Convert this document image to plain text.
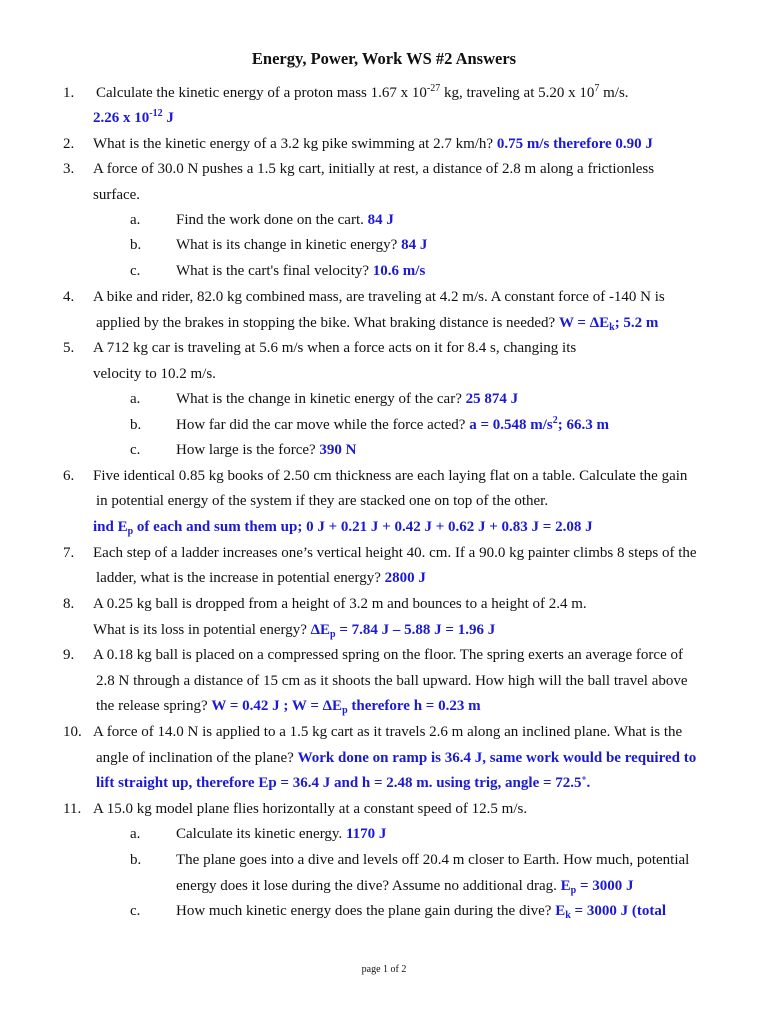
Energy, Power, Work WS #2 Answers
1. Calculate the kinetic energy of a proton mass 1.67 x $10^{-27}$ kg, traveling at 5.20 x $10^7$ m/s.
2.26 x $10^{-12}$ J
2. What is the kinetic energy of a 3.2 kg pike swimming at 2.7 km/h? 0.75 m/s therefore 0.90 J
3. A force of 30.0 N pushes a 1.5 kg cart, initially at rest, a distance of 2.8 m along a frictionless
surface.
a. Find the work done on the cart. 84 J
b. What is its change in kinetic energy? 84 J
c. What is the cart's final velocity? 10.6 m/s
4. A bike and rider, 82.0 kg combined mass, are traveling at 4.2 m/s. A constant force of -140 N is
applied by the brakes in stopping the bike. What braking distance is needed? $W = \Delta E_k$; 5.2 m
5. A 712 kg car is traveling at 5.6 m/s when a force acts on it for 8.4 s, changing its
velocity to 10.2 m/s.
a. What is the change in kinetic energy of the car? 25 874 J
b. How far did the car move while the force acted? a = 0.548 $m/s^2$; 66.3 m
c. How large is the force? 390 N
6. Five identical 0.85 kg books of 2.50 cm thickness are each laying flat on a table. Calculate the gain
in potential energy of the system if they are stacked one on top of the other.
ind $E_p$ of each and sum them up; 0 J + 0.21 J + 0.42 J + 0.62 J + 0.83 J = 2.08 J
7. Each step of a ladder increases one’s vertical height 40. cm. If a 90.0 kg painter climbs 8 steps of the
ladder, what is the increase in potential energy? 2800 J
8. A 0.25 kg ball is dropped from a height of 3.2 m and bounces to a height of 2.4 m.
What is its loss in potential energy? $\Delta E_p = 7.84$ J – 5.88 J = 1.96 J
9. A 0.18 kg ball is placed on a compressed spring on the floor. The spring exerts an average force of
2.8 N through a distance of 15 cm as it shoots the ball upward. How high will the ball travel above
the release spring? W = 0.42 J ; $W = \Delta E_p$ therefore h = 0.23 m
10. A force of 14.0 N is applied to a 1.5 kg cart as it travels 2.6 m along an inclined plane. What is the
angle of inclination of the plane? Work done on ramp is 36.4 J, same work would be required to
lift straight up, therefore Ep = 36.4 J and h = 2.48 m. using trig, angle = 72.5˚.
11. A 15.0 kg model plane flies horizontally at a constant speed of 12.5 m/s.
a. Calculate its kinetic energy. 1170 J
b. The plane goes into a dive and levels off 20.4 m closer to Earth. How much, potential
energy does it lose during the dive? Assume no additional drag. $E_p = 3000$ J
c. How much kinetic energy does the plane gain during the dive? $E_k = 3000$ J (total
page 1 of 2
